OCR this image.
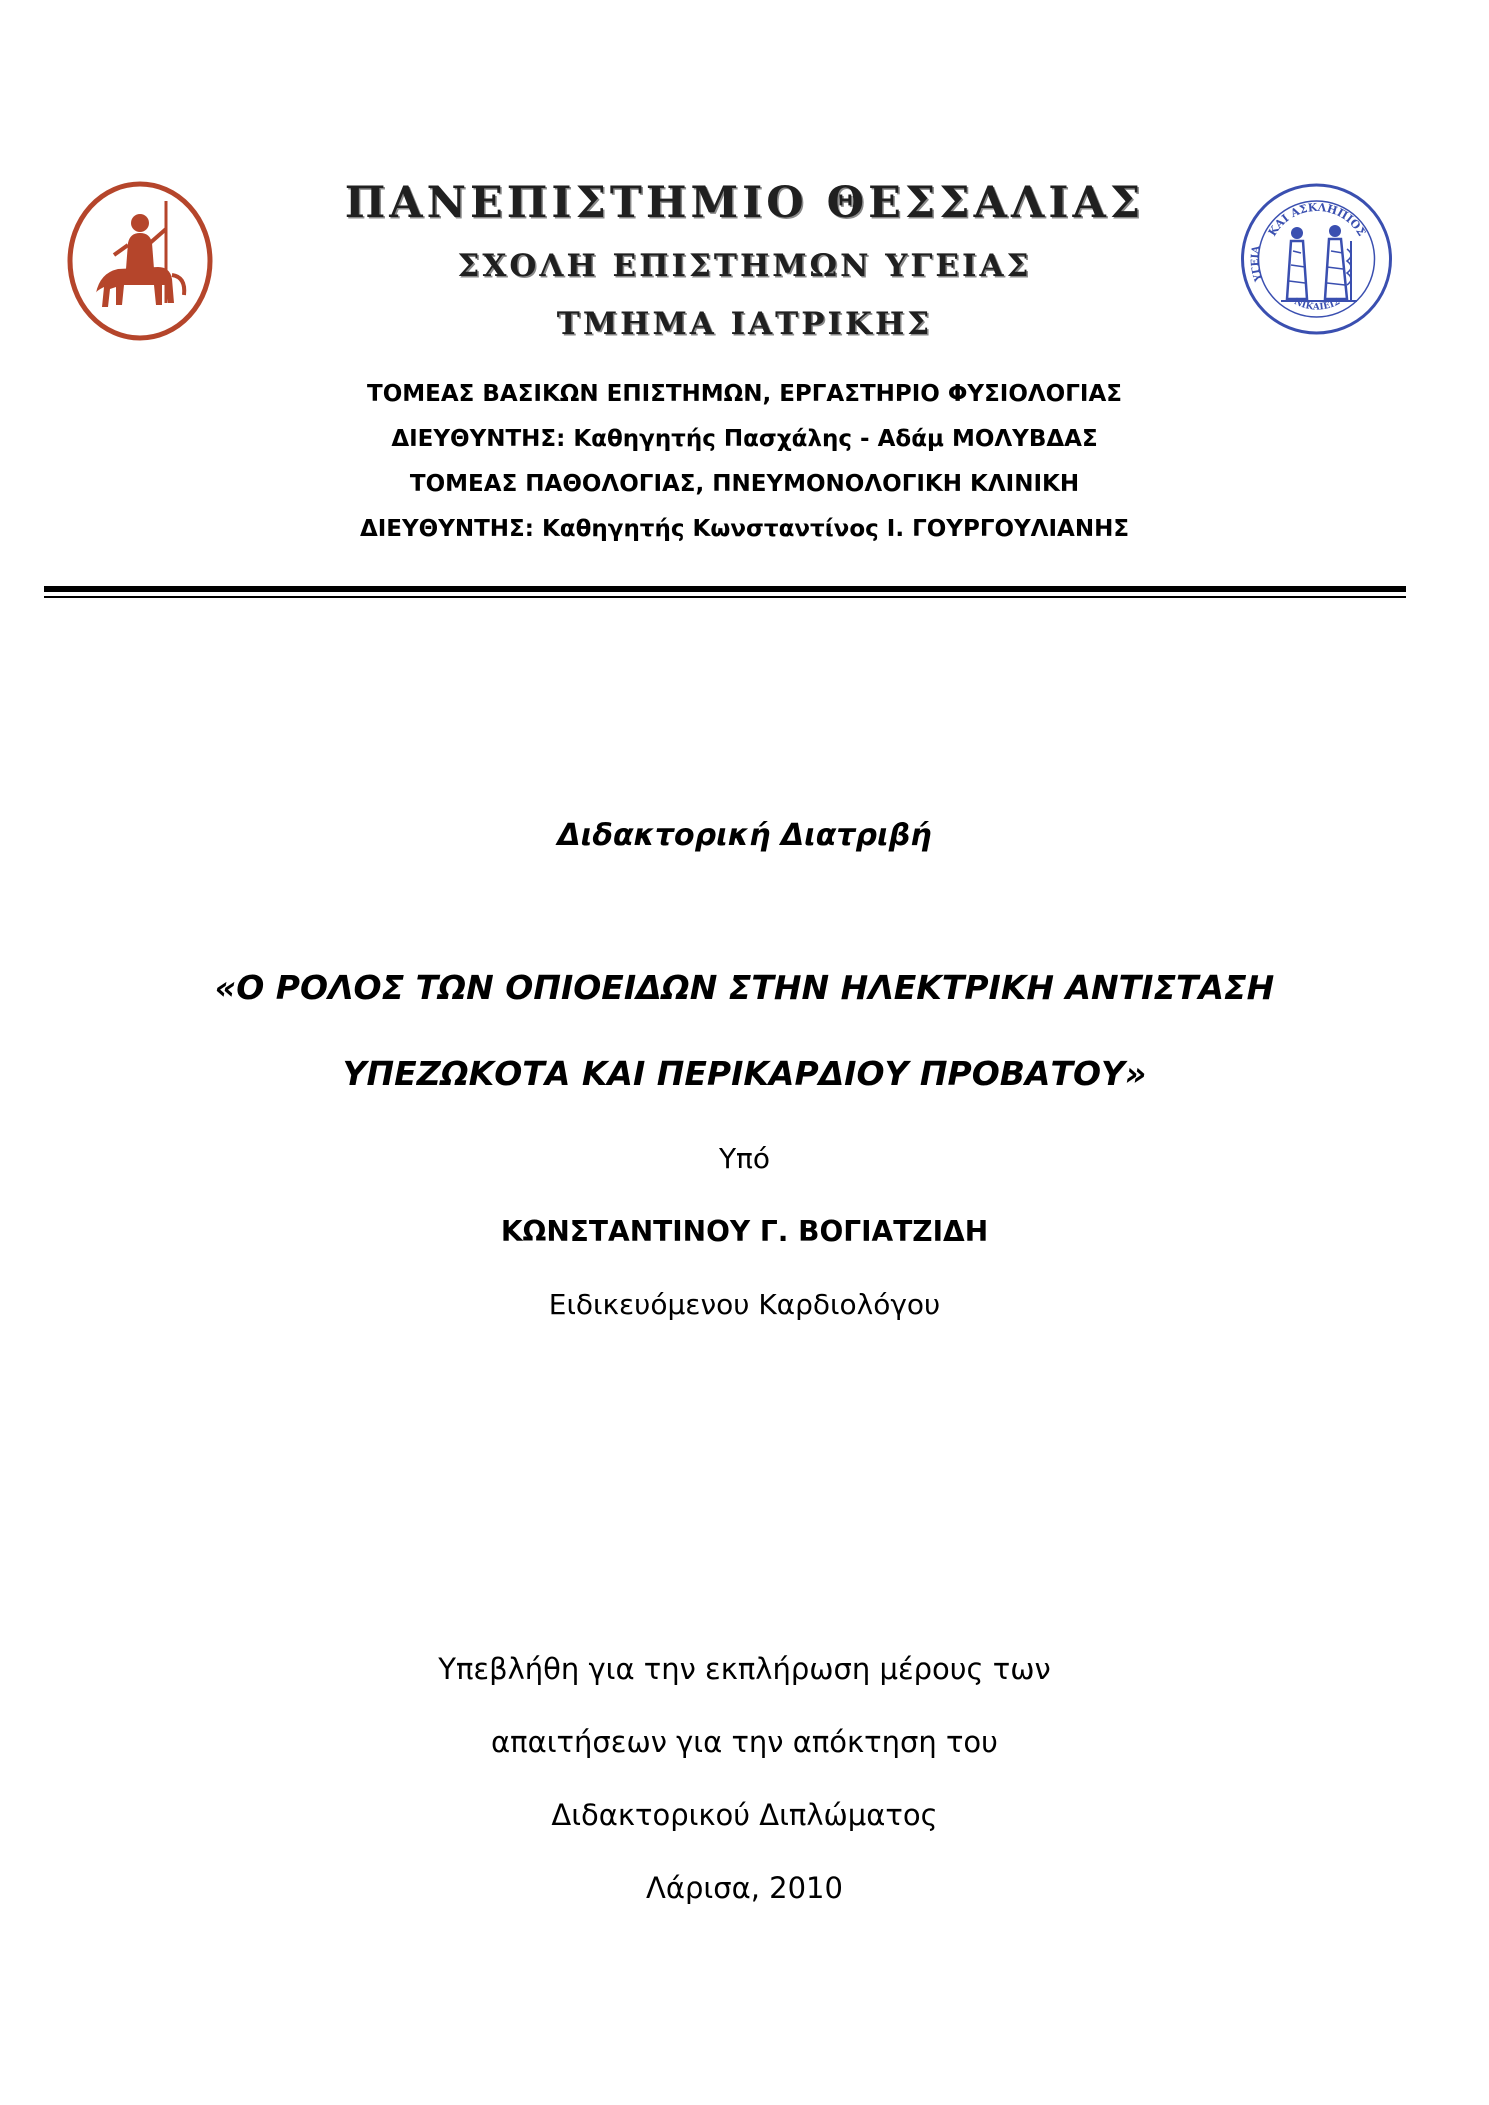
ΚΑΙ ΑΣΚΛΗΠΙΟΣ
ΥΓΕΙΑ
ΝΙΚΑΙΕΙΣ
ΠΑΝΕΠΙΣΤΗΜΙΟ ΘΕΣΣΑΛΙΑΣ
ΣΧΟΛΗ ΕΠΙΣΤΗΜΩΝ ΥΓΕΙΑΣ
ΤΜΗΜΑ ΙΑΤΡΙΚΗΣ
ΤΟΜΕΑΣ ΒΑΣΙΚΩΝ ΕΠΙΣΤΗΜΩΝ, ΕΡΓΑΣΤΗΡΙΟ ΦΥΣΙΟΛΟΓΙΑΣ
ΔΙΕΥΘΥΝΤΗΣ: Καθηγητής Πασχάλης - Αδάμ ΜΟΛΥΒΔΑΣ
ΤΟΜΕΑΣ ΠΑΘΟΛΟΓΙΑΣ, ΠΝΕΥΜΟΝΟΛΟΓΙΚΗ ΚΛΙΝΙΚΗ
ΔΙΕΥΘΥΝΤΗΣ: Καθηγητής Κωνσταντίνος Ι. ΓΟΥΡΓΟΥΛΙΑΝΗΣ
Διδακτορική Διατριβή
«Ο ΡΟΛΟΣ ΤΩΝ ΟΠΙΟΕΙΔΩΝ ΣΤΗΝ ΗΛΕΚΤΡΙΚΗ ΑΝΤΙΣΤΑΣΗ
ΥΠΕΖΩΚΟΤΑ ΚΑΙ ΠΕΡΙΚΑΡΔΙΟΥ ΠΡΟΒΑΤΟΥ»
Υπό
ΚΩΝΣΤΑΝΤΙΝΟΥ Γ. ΒΟΓΙΑΤΖΙΔΗ
Ειδικευόμενου Καρδιολόγου
Υπεβλήθη για την εκπλήρωση μέρους των
απαιτήσεων για την απόκτηση του
Διδακτορικού Διπλώματος
Λάρισα, 2010
